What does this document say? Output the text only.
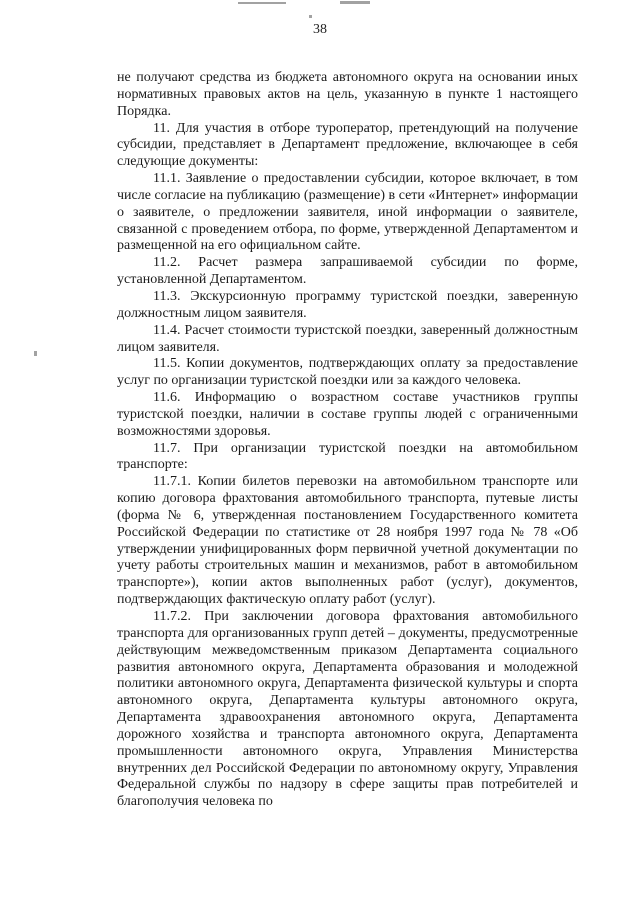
38

не получают средства из бюджета автономного округа на основании иных нормативных правовых актов на цель, указанную в пункте 1 настоящего Порядка.

11. Для участия в отборе туроператор, претендующий на получение субсидии, представляет в Департамент предложение, включающее в себя следующие документы:

11.1. Заявление о предоставлении субсидии, которое включает, в том числе согласие на публикацию (размещение) в сети «Интернет» информации о заявителе, о предложении заявителя, иной информации о заявителе, связанной с проведением отбора, по форме, утвержденной Департаментом и размещенной на его официальном сайте.

11.2. Расчет размера запрашиваемой субсидии по форме, установленной Департаментом.

11.3. Экскурсионную программу туристской поездки, заверенную должностным лицом заявителя.

11.4. Расчет стоимости туристской поездки, заверенный должностным лицом заявителя.

11.5. Копии документов, подтверждающих оплату за предоставление услуг по организации туристской поездки или за каждого человека.

11.6. Информацию о возрастном составе участников группы туристской поездки, наличии в составе группы людей с ограниченными возможностями здоровья.

11.7. При организации туристской поездки на автомобильном транспорте:

11.7.1. Копии билетов перевозки на автомобильном транспорте или копию договора фрахтования автомобильного транспорта, путевые листы (форма № 6, утвержденная постановлением Государственного комитета Российской Федерации по статистике от 28 ноября 1997 года № 78 «Об утверждении унифицированных форм первичной учетной документации по учету работы строительных машин и механизмов, работ в автомобильном транспорте»), копии актов выполненных работ (услуг), документов, подтверждающих фактическую оплату работ (услуг).

11.7.2. При заключении договора фрахтования автомобильного транспорта для организованных групп детей – документы, предусмотренные действующим межведомственным приказом Департамента социального развития автономного округа, Департамента образования и молодежной политики автономного округа, Департамента физической культуры и спорта автономного округа, Департамента культуры автономного округа, Департамента здравоохранения автономного округа, Департамента дорожного хозяйства и транспорта автономного округа, Департамента промышленности автономного округа, Управления Министерства внутренних дел Российской Федерации по автономному округу, Управления Федеральной службы по надзору в сфере защиты прав потребителей и благополучия человека по
